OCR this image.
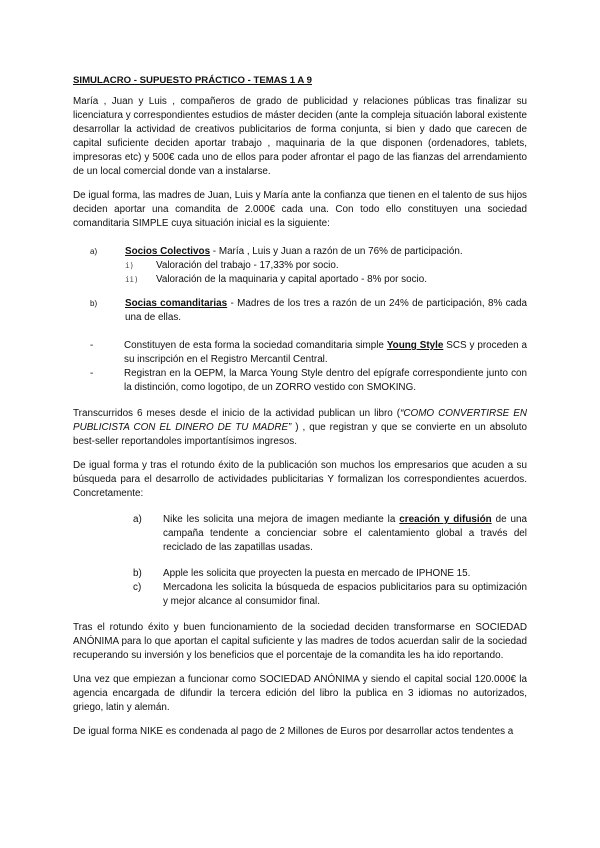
SIMULACRO - SUPUESTO PRÁCTICO - TEMAS 1 A 9

María , Juan y Luis , compañeros de grado de publicidad y relaciones públicas tras finalizar su licenciatura y correspondientes estudios de máster deciden (ante la compleja situación laboral existente desarrollar la actividad de creativos publicitarios de forma conjunta, si bien y dado que carecen de capital suficiente deciden aportar trabajo , maquinaria de la que disponen (ordenadores, tablets, impresoras etc) y 500€ cada uno de ellos para poder afrontar el pago de las fianzas del arrendamiento de un local comercial donde van a instalarse.

De igual forma, las madres de Juan, Luis y María ante la confianza que tienen en el talento de sus hijos deciden aportar una comandita de 2.000€ cada una. Con todo ello constituyen una sociedad comanditaria SIMPLE cuya situación inicial es la siguiente:

a)	Socios Colectivos - María , Luis y Juan a razón de un 76% de participación.
i)	Valoración del trabajo - 17,33% por socio.
ii)	Valoración de la maquinaria y capital aportado - 8% por socio.
b)	Socias comanditarias - Madres de los tres a razón de un 24% de participación, 8% cada una de ellas.
-	Constituyen de esta forma la sociedad comanditaria simple Young Style SCS y proceden a su inscripción en el Registro Mercantil Central.
-	Registran en la OEPM, la Marca Young Style dentro del epígrafe correspondiente junto con la distinción, como logotipo, de un ZORRO vestido con SMOKING.

Transcurridos 6 meses desde el inicio de la actividad publican un libro (“COMO CONVERTIRSE EN PUBLICISTA CON EL DINERO DE TU MADRE” ) , que registran y que se convierte en un absoluto best-seller reportandoles importantísimos ingresos.

De igual forma y tras el rotundo éxito de la publicación son muchos los empresarios que acuden a su búsqueda para el desarrollo de actividades publicitarias Y formalizan los correspondientes acuerdos. Concretamente:

a)	Nike les solicita una mejora de imagen mediante la creación y difusión de una campaña tendente a concienciar sobre el calentamiento global a través del reciclado de las zapatillas usadas.
b)	Apple les solicita que proyecten la puesta en mercado de IPHONE 15.
c)	Mercadona les solicita la búsqueda de espacios publicitarios para su optimización y mejor alcance al consumidor final.

Tras el rotundo éxito y buen funcionamiento de la sociedad deciden transformarse en SOCIEDAD ANÓNIMA para lo que aportan el capital suficiente y las madres de todos acuerdan salir de la sociedad recuperando su inversión y los beneficios que el porcentaje de la comandita les ha ido reportando.

Una vez que empiezan a funcionar como SOCIEDAD ANÓNIMA y siendo el capital social 120.000€ la agencia encargada de difundir la tercera edición del libro la publica en 3 idiomas no autorizados, griego, latin y alemán.

De igual forma NIKE es condenada al pago de 2 Millones de Euros por desarrollar actos tendentes a
